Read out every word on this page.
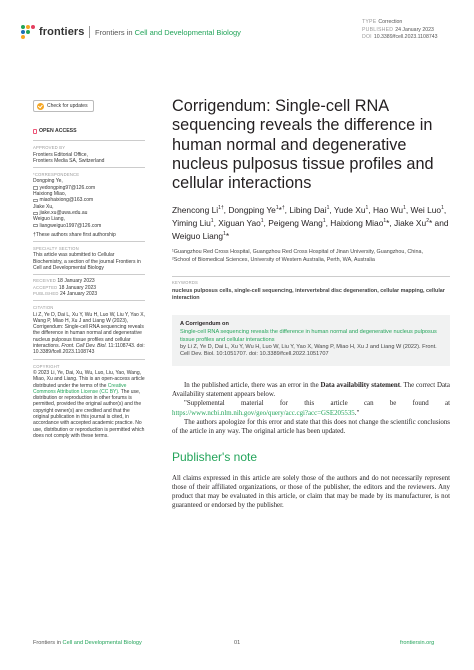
frontiers Frontiers in Cell and Developmental Biology
TYPE Correction
PUBLISHED 24 January 2023
DOI 10.3389/fcell.2023.1108743
Check for updates
OPEN ACCESS
APPROVED BY
Frontiers Editorial Office,
Frontiers Media SA, Switzerland
*CORRESPONDENCE
Dongping Ye,
yedongping97@126.com
Haixiong Miao,
miaohaixiong@163.com
Jiake Xu,
jiake.xu@uwa.edu.au
Weiguo Liang,
liangweiguo1997@126.com
†These authors share first authorship
SPECIALTY SECTION
This article was submitted to Cellular Biochemistry, a section of the journal Frontiers in Cell and Developmental Biology
RECEIVED 18 January 2023
ACCEPTED 18 January 2023
PUBLISHED 24 January 2023
CITATION
Li Z, Ye D, Dai L, Xu Y, Wu H, Luo W, Liu Y, Yao X, Wang P, Miao H, Xu J and Liang W (2023), Corrigendum: Single-cell RNA sequencing reveals the difference in human normal and degenerative nucleus pulposus tissue profiles and cellular interactions. Front. Cell Dev. Biol. 11:1108743. doi: 10.3389/fcell.2023.1108743
COPYRIGHT
© 2023 Li, Ye, Dai, Xu, Wu, Luo, Liu, Yao, Wang, Miao, Xu and Liang. This is an open-access article distributed under the terms of the Creative Commons Attribution License (CC BY). The use, distribution or reproduction in other forums is permitted, provided the original author(s) and the copyright owner(s) are credited and that the original publication in this journal is cited, in accordance with accepted academic practice. No use, distribution or reproduction is permitted which does not comply with these terms.
Corrigendum: Single-cell RNA sequencing reveals the difference in human normal and degenerative nucleus pulposus tissue profiles and cellular interactions
Zhencong $Li^{1\dagger}$, Dongping Ye$^1$*†, Libing Dai$^1$, Yude Xu$^1$, Hao Wu$^1$, Wei Luo$^1$, Yiming Liu$^1$, Xiguan Yao$^1$, Peigeng Wang$^1$, Haixiong Miao$^1$*, Jiake Xu$^2$* and Weiguo Liang$^1$*
¹Guangzhou Red Cross Hospital, Guangzhou Red Cross Hospital of Jinan University, Guangzhou, China,
²School of Biomedical Sciences, University of Western Australia, Perth, WA, Australia
KEYWORDS
nucleus pulposus cells, single-cell sequencing, intervertebral disc degeneration, cellular mapping, cellular interaction
A Corrigendum on
Single-cell RNA sequencing reveals the difference in human normal and degenerative nucleus pulposus tissue profiles and cellular interactions
by Li Z, Ye D, Dai L, Xu Y, Wu H, Luo W, Liu Y, Yao X, Wang P, Miao H, Xu J and Liang W (2022). Front. Cell Dev. Biol. 10:1051707. doi: 10.3389/fcell.2022.1051707

In the published article, there was an error in the Data availability statement. The correct Data Availability statement appears below.

"Supplemental material for this article can be found at https://www.ncbi.nlm.nih.gov/geo/query/acc.cgi?acc=GSE205535."

The authors apologize for this error and state that this does not change the scientific conclusions of the article in any way. The original article has been updated.

Publisher's note
All claims expressed in this article are solely those of the authors and do not necessarily represent those of their affiliated organizations, or those of the publisher, the editors and the reviewers. Any product that may be evaluated in this article, or claim that may be made by its manufacturer, is not guaranteed or endorsed by the publisher.
Frontiers in Cell and Developmental Biology	01	frontiersin.org
